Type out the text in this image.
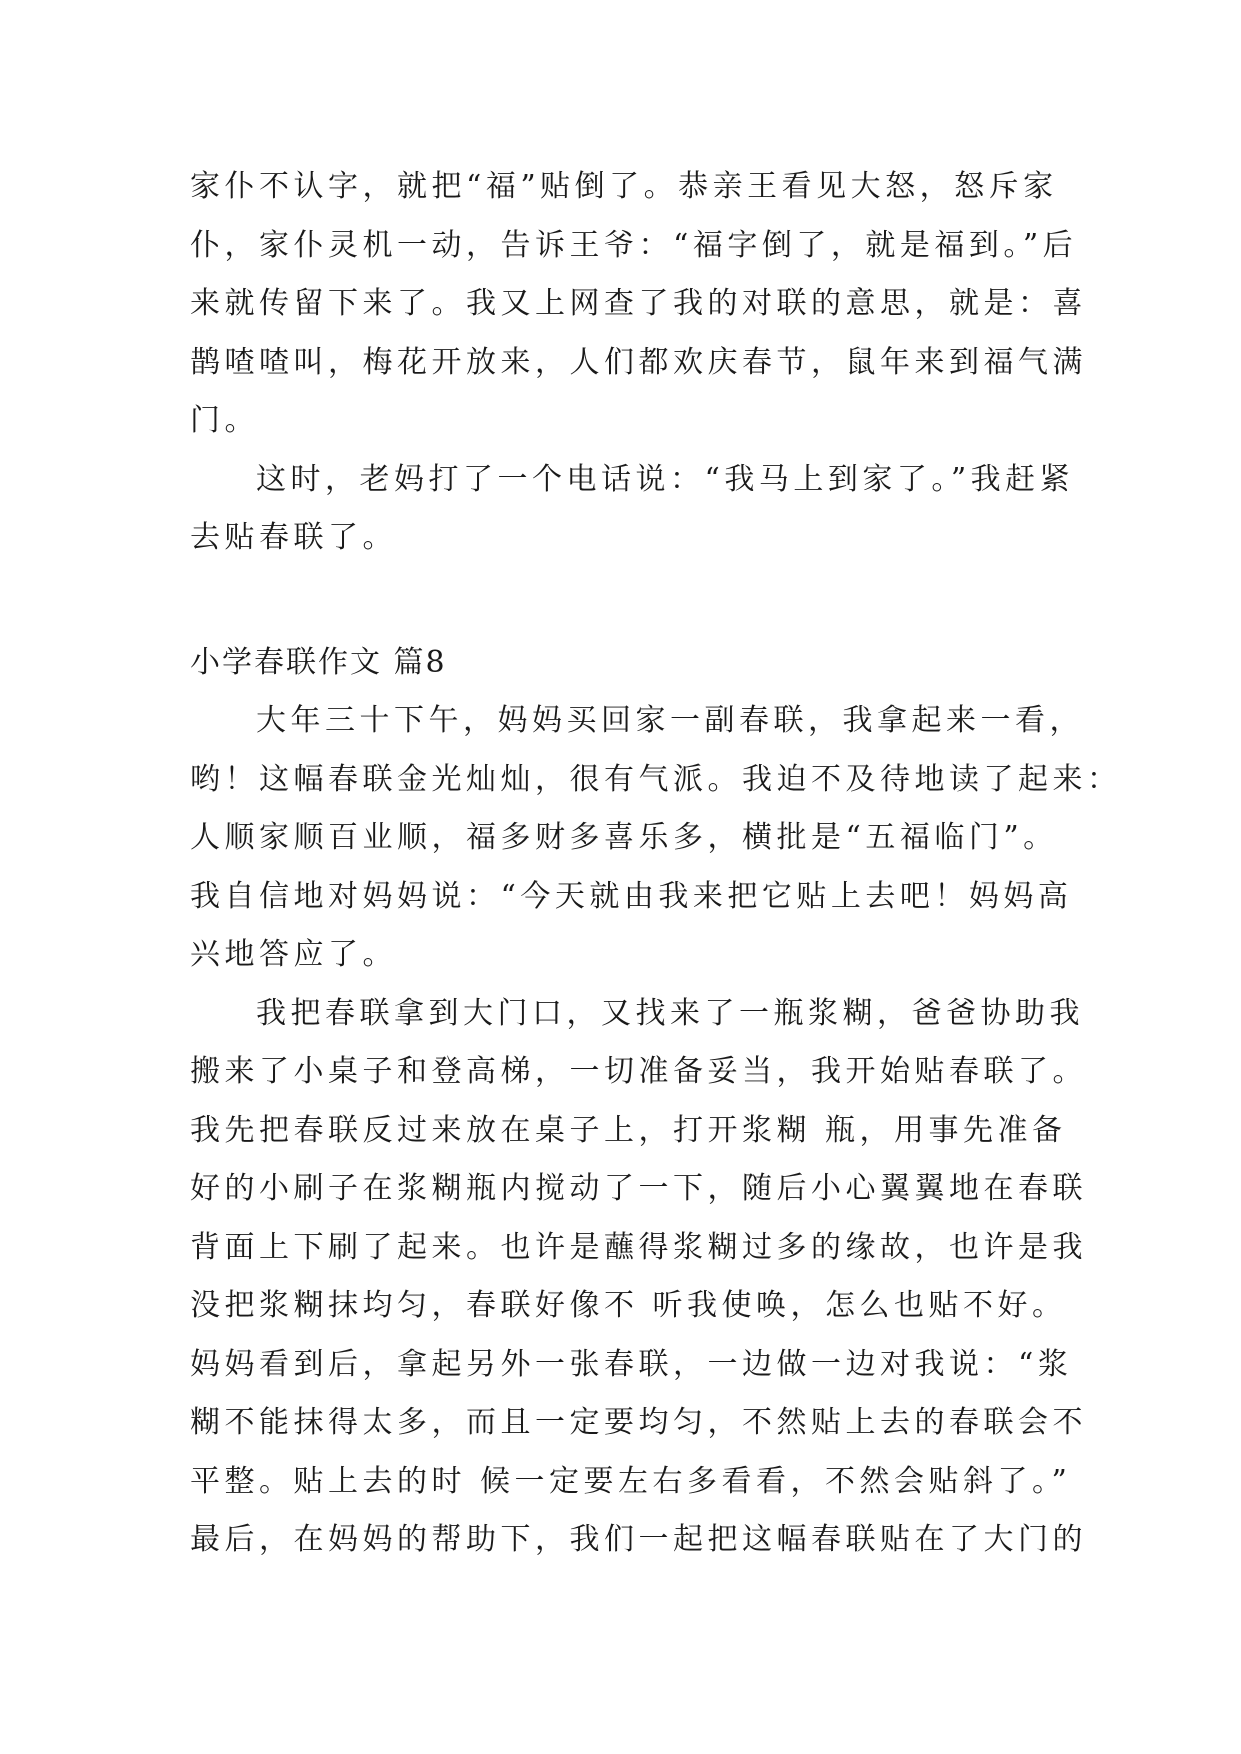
家仆不认字，就把“福”贴倒了。恭亲王看见大怒，怒斥家
仆，家仆灵机一动，告诉王爷：“福字倒了，就是福到。”后
来就传留下来了。我又上网查了我的对联的意思，就是：喜
鹊喳喳叫，梅花开放来，人们都欢庆春节，鼠年来到福气满
门。
这时，老妈打了一个电话说：“我马上到家了。”我赶紧
去贴春联了。
小学春联作文 篇8
大年三十下午，妈妈买回家一副春联，我拿起来一看，
哟！这幅春联金光灿灿，很有气派。我迫不及待地读了起来：
人顺家顺百业顺，福多财多喜乐多，横批是“五福临门”。
我自信地对妈妈说：“今天就由我来把它贴上去吧！妈妈高
兴地答应了。
我把春联拿到大门口，又找来了一瓶浆糊，爸爸协助我
搬来了小桌子和登高梯，一切准备妥当，我开始贴春联了。
我先把春联反过来放在桌子上，打开浆糊 瓶，用事先准备
好的小刷子在浆糊瓶内搅动了一下，随后小心翼翼地在春联
背面上下刷了起来。也许是蘸得浆糊过多的缘故，也许是我
没把浆糊抹均匀，春联好像不 听我使唤，怎么也贴不好。
妈妈看到后，拿起另外一张春联，一边做一边对我说：“浆
糊不能抹得太多，而且一定要均匀，不然贴上去的春联会不
平整。贴上去的时 候一定要左右多看看，不然会贴斜了。”
最后，在妈妈的帮助下，我们一起把这幅春联贴在了大门的
